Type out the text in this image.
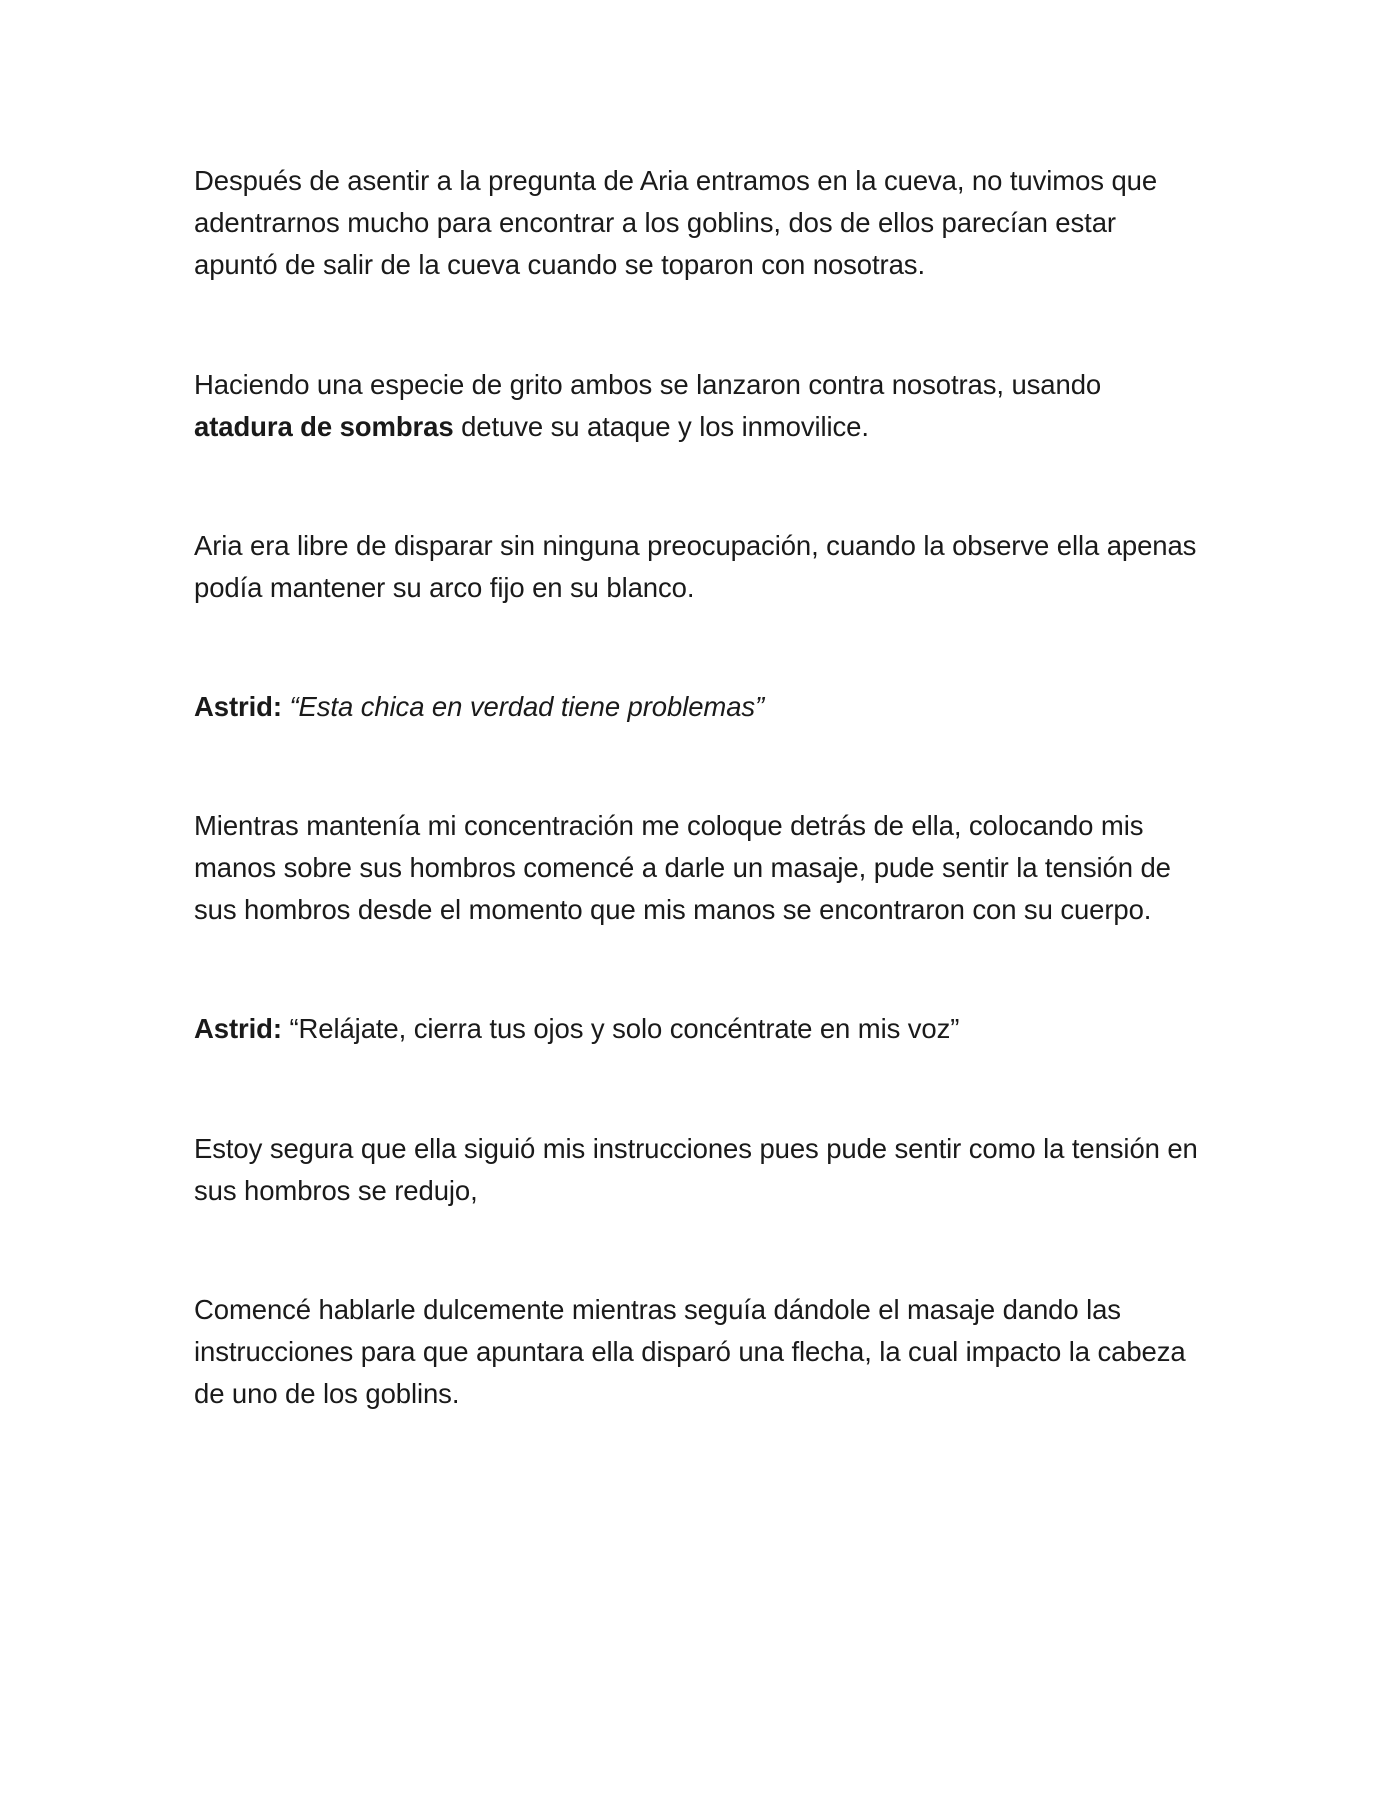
Después de asentir a la pregunta de Aria entramos en la cueva, no tuvimos que adentrarnos mucho para encontrar a los goblins, dos de ellos parecían estar apuntó de salir de la cueva cuando se toparon con nosotras.

Haciendo una especie de grito ambos se lanzaron contra nosotras, usando atadura de sombras detuve su ataque y los inmovilice.

Aria era libre de disparar sin ninguna preocupación, cuando la observe ella apenas podía mantener su arco fijo en su blanco.

Astrid: “Esta chica en verdad tiene problemas”

Mientras mantenía mi concentración me coloque detrás de ella, colocando mis manos sobre sus hombros comencé a darle un masaje, pude sentir la tensión de sus hombros desde el momento que mis manos se encontraron con su cuerpo.

Astrid: “Relájate, cierra tus ojos y solo concéntrate en mis voz”

Estoy segura que ella siguió mis instrucciones pues pude sentir como la tensión en sus hombros se redujo,

Comencé hablarle dulcemente mientras seguía dándole el masaje dando las instrucciones para que apuntara ella disparó una flecha, la cual impacto la cabeza de uno de los goblins.
